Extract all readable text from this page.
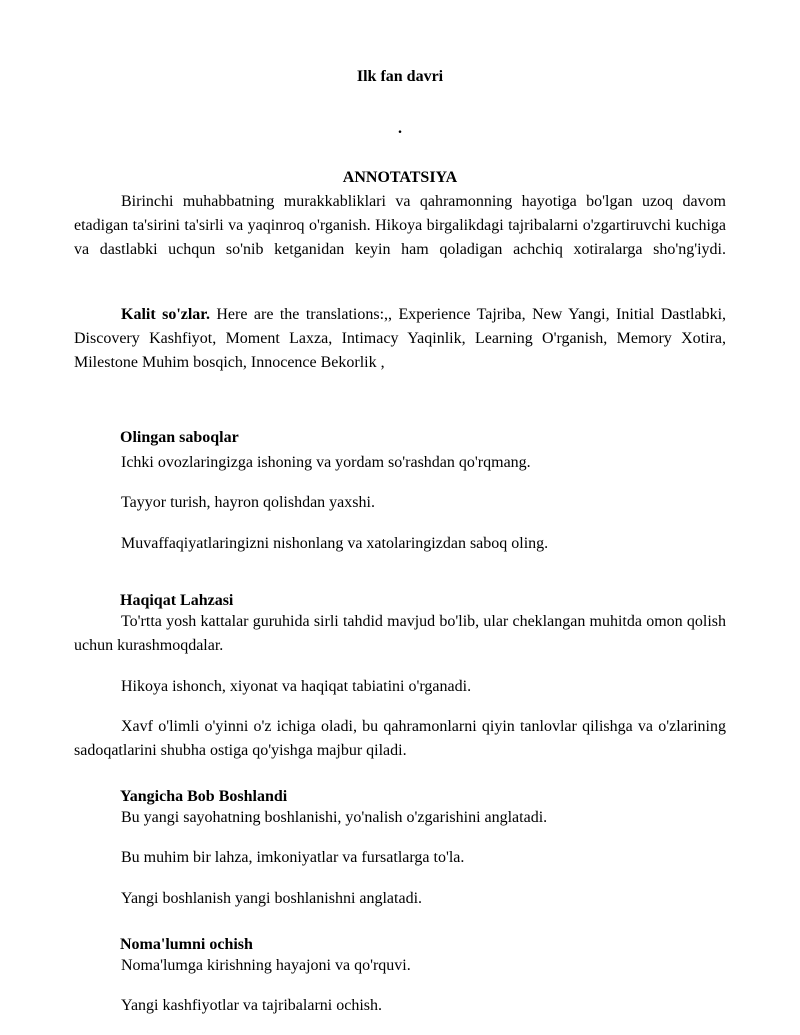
Ilk fan davri
.
ANNOTATSIYA
Birinchi muhabbatning murakkabliklari va qahramonning hayotiga bo'lgan uzoq davom etadigan ta'sirini ta'sirli va yaqinroq o'rganish. Hikoya birgalikdagi tajribalarni o'zgartiruvchi kuchiga va dastlabki uchqun so'nib ketganidan keyin ham qoladigan achchiq xotiralarga sho'ng'iydi.
Kalit so'zlar. Here are the translations:,, Experience Tajriba, New Yangi, Initial Dastlabki, Discovery Kashfiyot, Moment Laxza, Intimacy Yaqinlik, Learning O'rganish, Memory Xotira, Milestone Muhim bosqich, Innocence Bekorlik ,
Olingan saboqlar
Ichki ovozlaringizga ishoning va yordam so'rashdan qo'rqmang.
Tayyor turish, hayron qolishdan yaxshi.
Muvaffaqiyatlaringizni nishonlang va xatolaringizdan saboq oling.
Haqiqat Lahzasi
To'rtta yosh kattalar guruhida sirli tahdid mavjud bo'lib, ular cheklangan muhitda omon qolish uchun kurashmoqdalar.
Hikoya ishonch, xiyonat va haqiqat tabiatini o'rganadi.
Xavf o'limli o'yinni o'z ichiga oladi, bu qahramonlarni qiyin tanlovlar qilishga va o'zlarining sadoqatlarini shubha ostiga qo'yishga majbur qiladi.
Yangicha Bob Boshlandi
Bu yangi sayohatning boshlanishi, yo'nalish o'zgarishini anglatadi.
Bu muhim bir lahza, imkoniyatlar va fursatlarga to'la.
Yangi boshlanish yangi boshlanishni anglatadi.
Noma'lumni ochish
Noma'lumga kirishning hayajoni va qo'rquvi.
Yangi kashfiyotlar va tajribalarni ochish.
